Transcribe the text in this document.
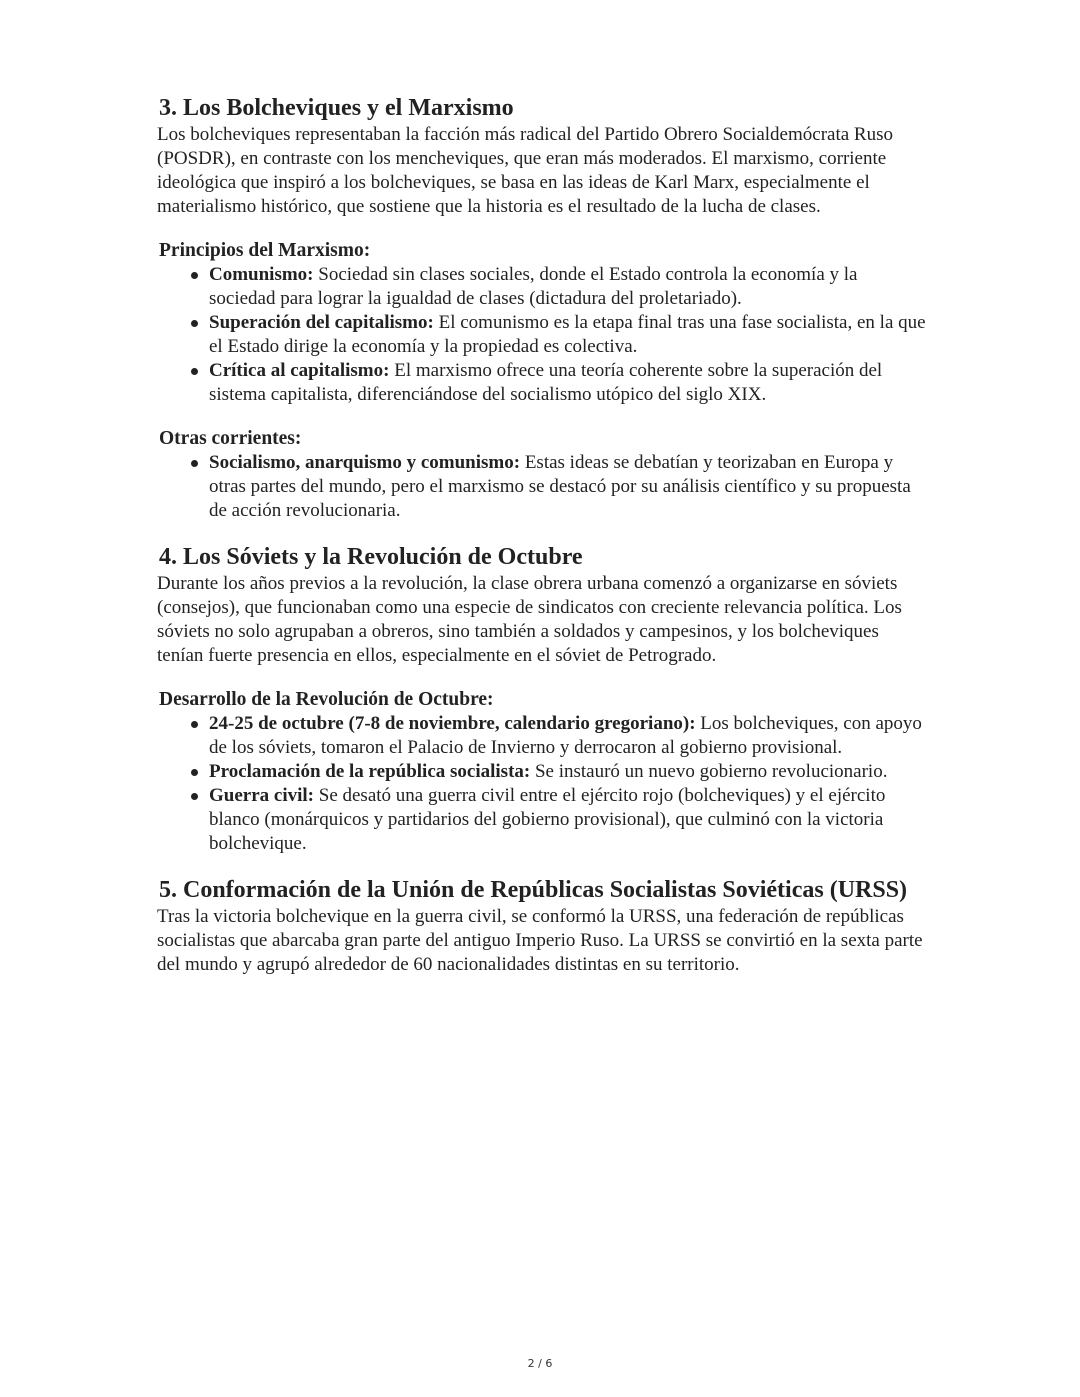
3. Los Bolcheviques y el Marxismo

Los bolcheviques representaban la facción más radical del Partido Obrero Socialdemócrata Ruso (POSDR), en contraste con los mencheviques, que eran más moderados. El marxismo, corriente ideológica que inspiró a los bolcheviques, se basa en las ideas de Karl Marx, especialmente el materialismo histórico, que sostiene que la historia es el resultado de la lucha de clases.

Principios del Marxismo:
Comunismo: Sociedad sin clases sociales, donde el Estado controla la economía y la sociedad para lograr la igualdad de clases (dictadura del proletariado).
Superación del capitalismo: El comunismo es la etapa final tras una fase socialista, en la que el Estado dirige la economía y la propiedad es colectiva.
Crítica al capitalismo: El marxismo ofrece una teoría coherente sobre la superación del sistema capitalista, diferenciándose del socialismo utópico del siglo XIX.
Otras corrientes:
Socialismo, anarquismo y comunismo: Estas ideas se debatían y teorizaban en Europa y otras partes del mundo, pero el marxismo se destacó por su análisis científico y su propuesta de acción revolucionaria.
4. Los Sóviets y la Revolución de Octubre

Durante los años previos a la revolución, la clase obrera urbana comenzó a organizarse en sóviets (consejos), que funcionaban como una especie de sindicatos con creciente relevancia política. Los sóviets no solo agrupaban a obreros, sino también a soldados y campesinos, y los bolcheviques tenían fuerte presencia en ellos, especialmente en el sóviet de Petrogrado.

Desarrollo de la Revolución de Octubre:
24-25 de octubre (7-8 de noviembre, calendario gregoriano): Los bolcheviques, con apoyo de los sóviets, tomaron el Palacio de Invierno y derrocaron al gobierno provisional.
Proclamación de la república socialista: Se instauró un nuevo gobierno revolucionario.
Guerra civil: Se desató una guerra civil entre el ejército rojo (bolcheviques) y el ejército blanco (monárquicos y partidarios del gobierno provisional), que culminó con la victoria bolchevique.
5. Conformación de la Unión de Repúblicas Socialistas Soviéticas (URSS)

Tras la victoria bolchevique en la guerra civil, se conformó la URSS, una federación de repúblicas socialistas que abarcaba gran parte del antiguo Imperio Ruso. La URSS se convirtió en la sexta parte del mundo y agrupó alrededor de 60 nacionalidades distintas en su territorio.

2 / 6
